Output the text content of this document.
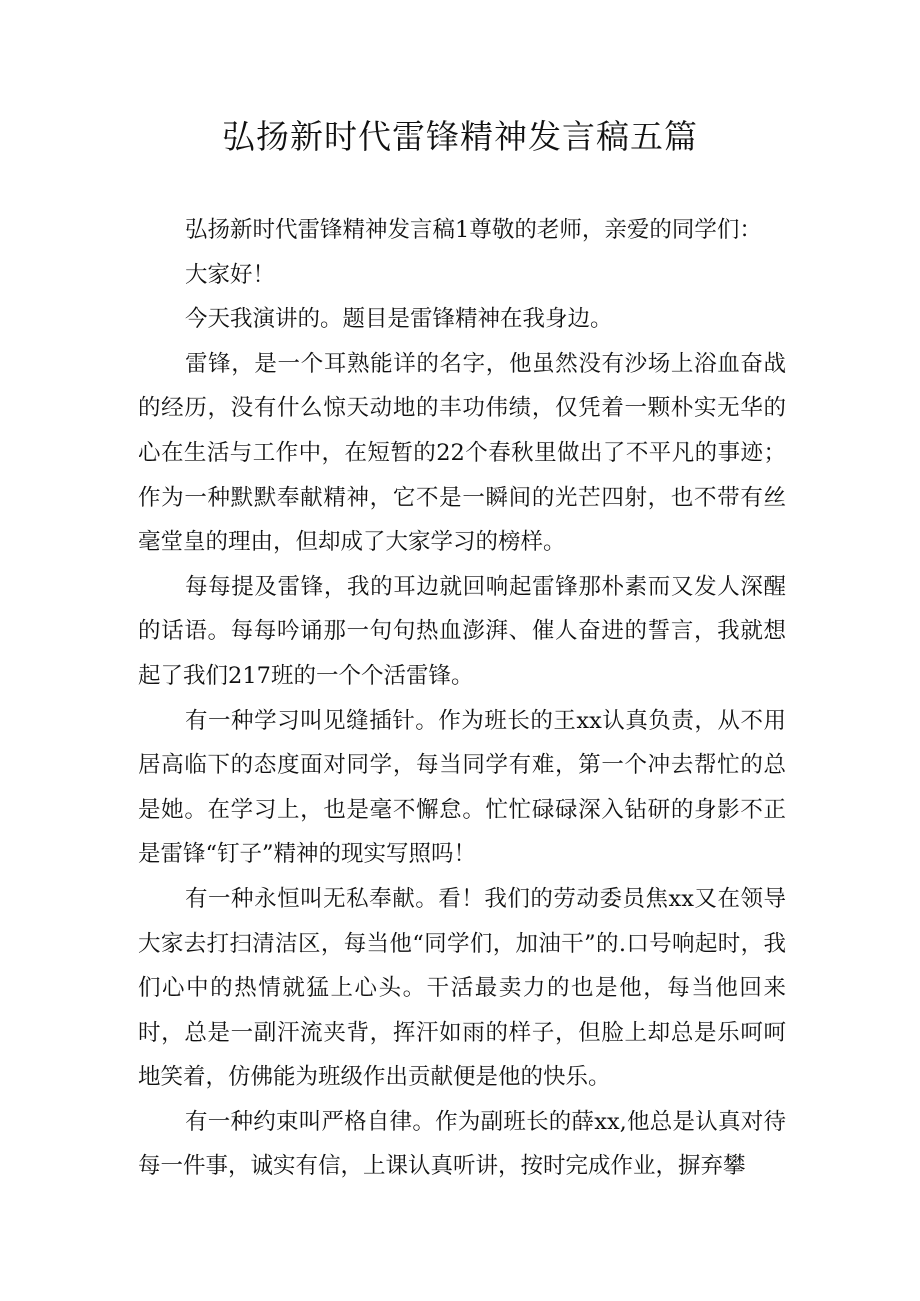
弘扬新时代雷锋精神发言稿五篇

弘扬新时代雷锋精神发言稿1尊敬的老师，亲爱的同学们：

大家好！

今天我演讲的。题目是雷锋精神在我身边。

雷锋，是一个耳熟能详的名字，他虽然没有沙场上浴血奋战的经历，没有什么惊天动地的丰功伟绩，仅凭着一颗朴实无华的心在生活与工作中，在短暂的22个春秋里做出了不平凡的事迹；作为一种默默奉献精神，它不是一瞬间的光芒四射，也不带有丝毫堂皇的理由，但却成了大家学习的榜样。

每每提及雷锋，我的耳边就回响起雷锋那朴素而又发人深醒的话语。每每吟诵那一句句热血澎湃、催人奋进的誓言，我就想起了我们217班的一个个活雷锋。

有一种学习叫见缝插针。作为班长的王xx认真负责，从不用居高临下的态度面对同学，每当同学有难，第一个冲去帮忙的总是她。在学习上，也是毫不懈怠。忙忙碌碌深入钻研的身影不正是雷锋“钉子”精神的现实写照吗！

有一种永恒叫无私奉献。看！我们的劳动委员焦xx又在领导大家去打扫清洁区，每当他“同学们，加油干”的.口号响起时，我们心中的热情就猛上心头。干活最卖力的也是他，每当他回来时，总是一副汗流夹背，挥汗如雨的样子，但脸上却总是乐呵呵地笑着，仿佛能为班级作出贡献便是他的快乐。

有一种约束叫严格自律。作为副班长的薛xx,他总是认真对待每一件事，诚实有信，上课认真听讲，按时完成作业，摒弃攀
